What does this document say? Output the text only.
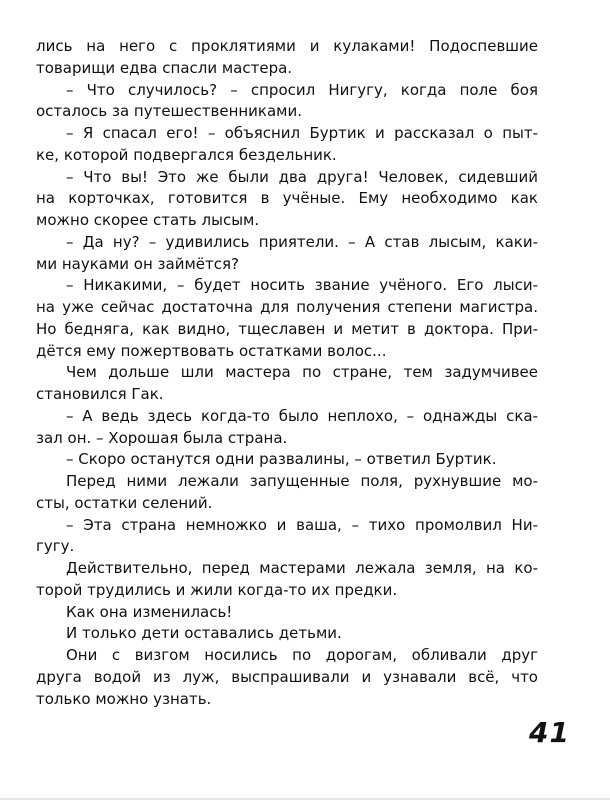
лись на него с проклятиями и кулаками! Подоспевшие
товарищи едва спасли мастера.
– Что случилось? – спросил Нигугу, когда поле боя
осталось за путешественниками.
– Я спасал его! – объяснил Буртик и рассказал о пыт-
ке, которой подвергался бездельник.
– Что вы! Это же были два друга! Человек, сидевший
на корточках, готовится в учёные. Ему необходимо как
можно скорее стать лысым.
– Да ну? – удивились приятели. – А став лысым, каки-
ми науками он займётся?
– Никакими, – будет носить звание учёного. Его лыси-
на уже сейчас достаточна для получения степени магистра.
Но бедняга, как видно, тщеславен и метит в доктора. При-
дётся ему пожертвовать остатками волос...
Чем дольше шли мастера по стране, тем задумчивее
становился Гак.
– А ведь здесь когда-то было неплохо, – однажды ска-
зал он. – Хорошая была страна.
– Скоро останутся одни развалины, – ответил Буртик.
Перед ними лежали запущенные поля, рухнувшие мо-
сты, остатки селений.
– Эта страна немножко и ваша, – тихо промолвил Ни-
гугу.
Действительно, перед мастерами лежала земля, на ко-
торой трудились и жили когда-то их предки.
Как она изменилась!
И только дети оставались детьми.
Они с визгом носились по дорогам, обливали друг
друга водой из луж, выспрашивали и узнавали всё, что
только можно узнать.
41
